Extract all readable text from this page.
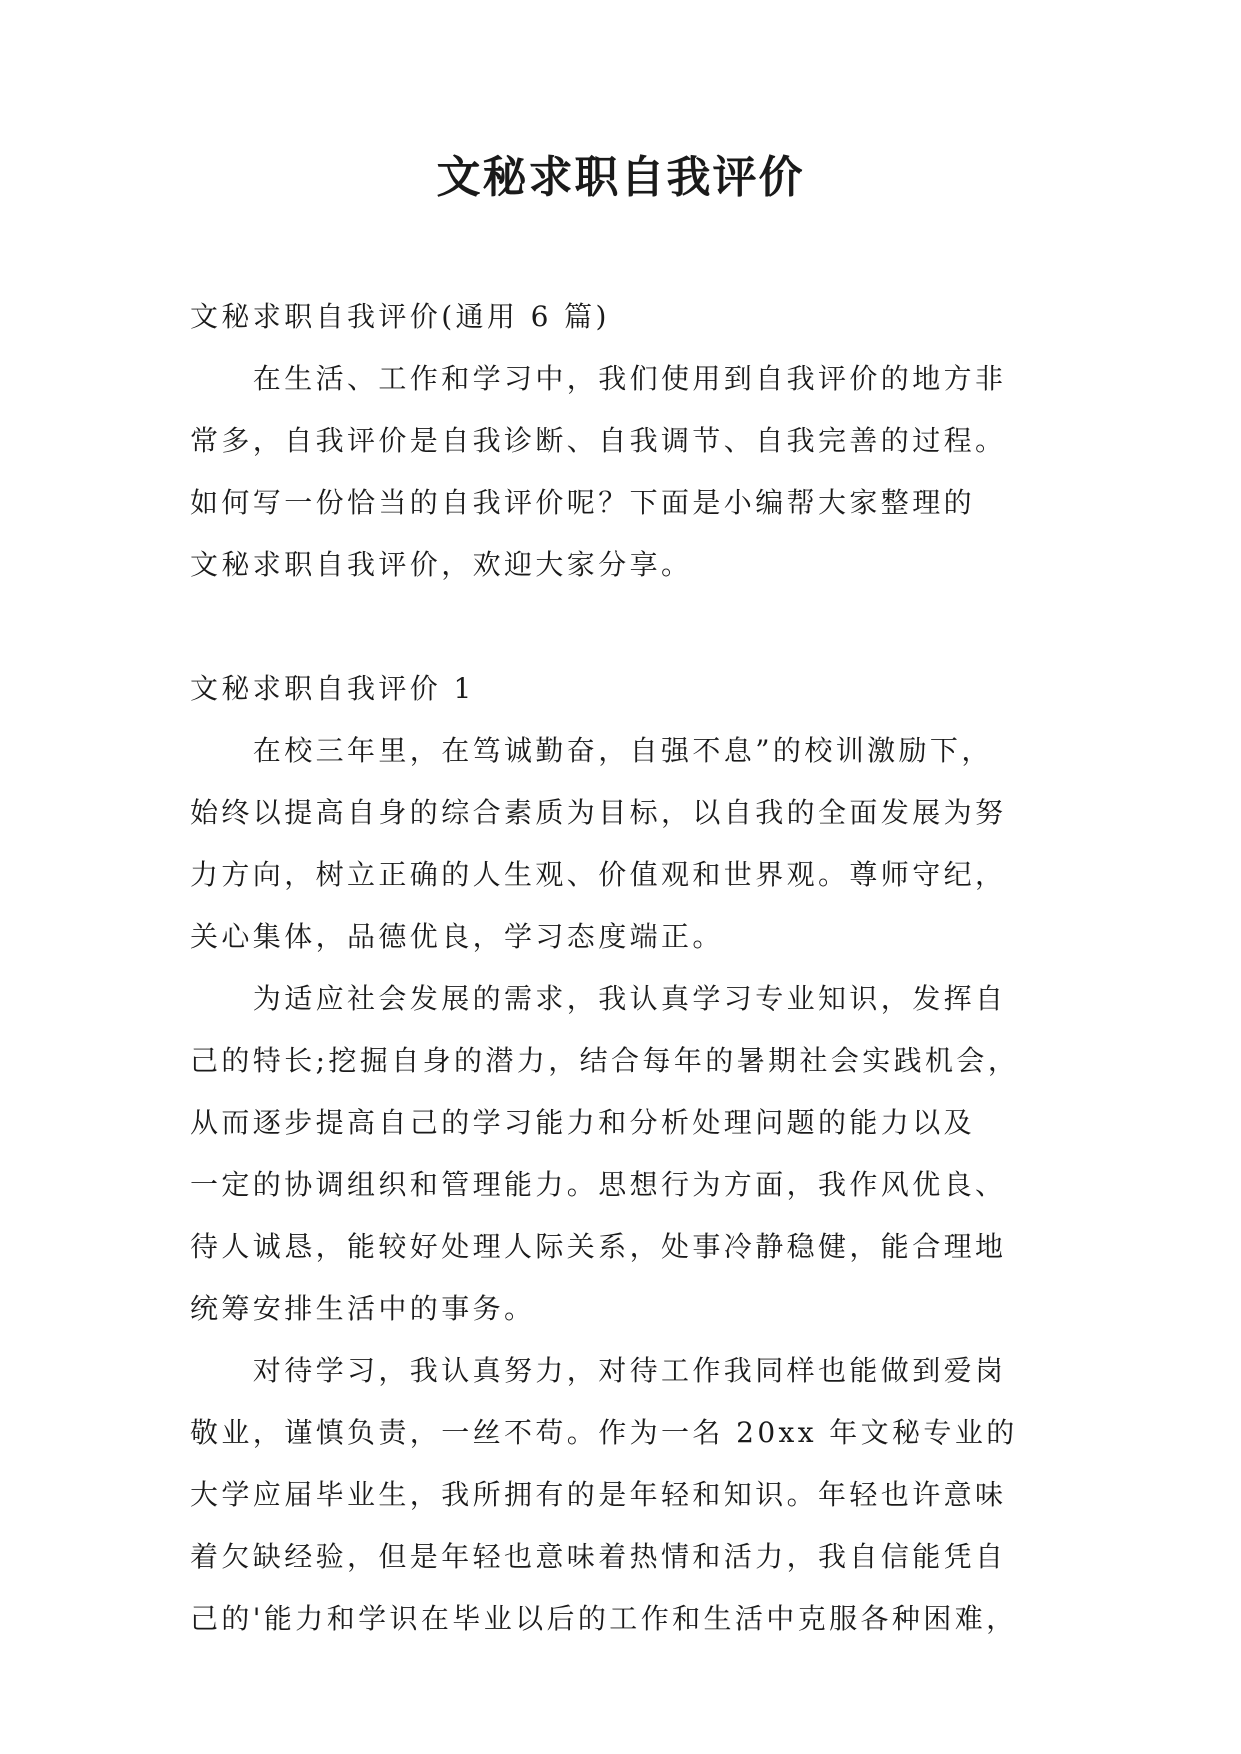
文秘求职自我评价

文秘求职自我评价(通用 6 篇)

　　在生活、工作和学习中，我们使用到自我评价的地方非

常多，自我评价是自我诊断、自我调节、自我完善的过程。

如何写一份恰当的自我评价呢？下面是小编帮大家整理的

文秘求职自我评价，欢迎大家分享。

文秘求职自我评价 1

　　在校三年里，在笃诚勤奋，自强不息”的校训激励下，

始终以提高自身的综合素质为目标，以自我的全面发展为努

力方向，树立正确的人生观、价值观和世界观。尊师守纪，

关心集体，品德优良，学习态度端正。

　　为适应社会发展的需求，我认真学习专业知识，发挥自

己的特长;挖掘自身的潜力，结合每年的暑期社会实践机会，

从而逐步提高自己的学习能力和分析处理问题的能力以及

一定的协调组织和管理能力。思想行为方面，我作风优良、

待人诚恳，能较好处理人际关系，处事冷静稳健，能合理地

统筹安排生活中的事务。

　　对待学习，我认真努力，对待工作我同样也能做到爱岗

敬业，谨慎负责，一丝不苟。作为一名 20xx 年文秘专业的

大学应届毕业生，我所拥有的是年轻和知识。年轻也许意味

着欠缺经验，但是年轻也意味着热情和活力，我自信能凭自

己的'能力和学识在毕业以后的工作和生活中克服各种困难，
